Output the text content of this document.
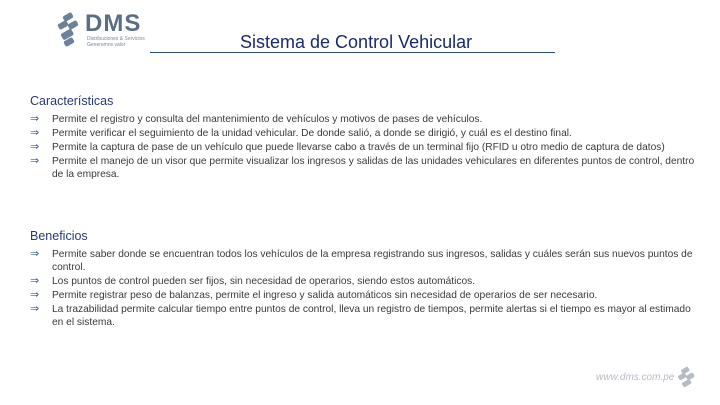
DMS
Distribuciones & Servicios
Generamos valor	Sistema de Control Vehicular
Características
⇒	Permite el registro y consulta del mantenimiento de vehículos y motivos de pases de vehículos.
⇒	Permite verificar el seguimiento de la unidad vehicular. De donde salió, a donde se dirigió, y cuál es el destino final.
⇒	Permite la captura de pase de un vehículo que puede llevarse cabo a través de un terminal fijo (RFID u otro medio de captura de datos)
⇒	Permite el manejo de un visor que permite visualizar los ingresos y salidas de las unidades vehiculares en diferentes puntos de control, dentro de la empresa.
Beneficios
⇒	Permite saber donde se encuentran todos los vehículos de la empresa registrando sus ingresos, salidas y cuáles serán sus nuevos puntos de control.
⇒	Los puntos de control pueden ser fijos, sin necesidad de operarios, siendo estos automáticos.
⇒	Permite registrar peso de balanzas, permite el ingreso y salida automáticos sin necesidad de operarios de ser necesario.
⇒	La trazabilidad permite calcular tiempo entre puntos de control, lleva un registro de tiempos, permite alertas si el tiempo es mayor al estimado en el sistema.
www.dms.com.pe
